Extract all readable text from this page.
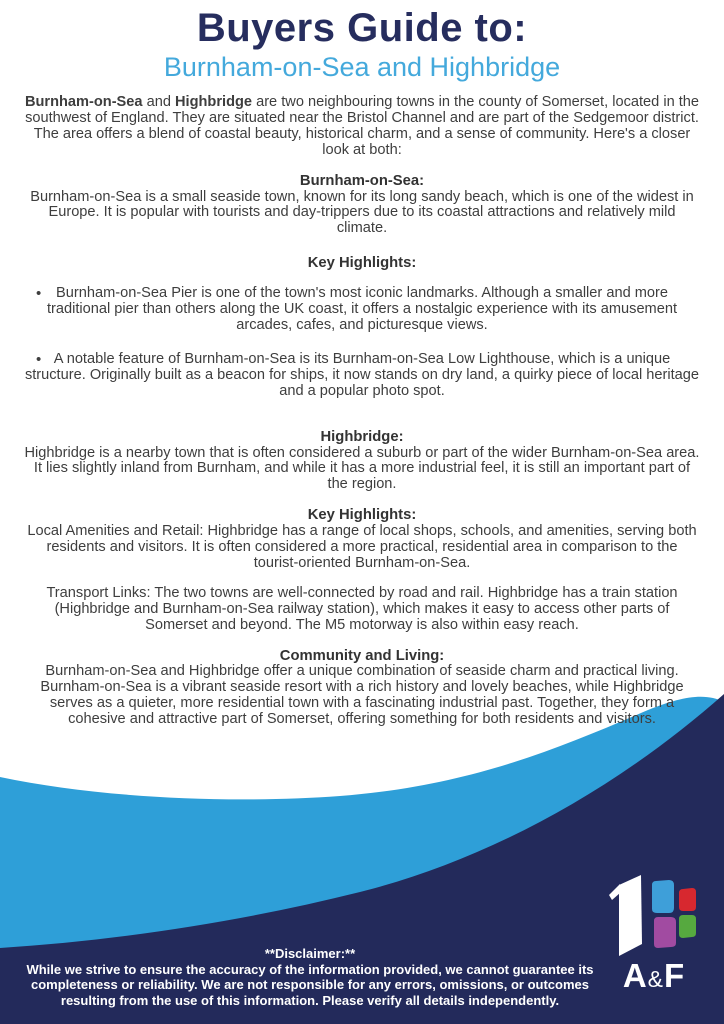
Buyers Guide to:
Burnham-on-Sea and Highbridge

Burnham-on-Sea and Highbridge are two neighbouring towns in the county of Somerset, located in the southwest of England. They are situated near the Bristol Channel and are part of the Sedgemoor district. The area offers a blend of coastal beauty, historical charm, and a sense of community. Here's a closer look at both:

Burnham-on-Sea:

Burnham-on-Sea is a small seaside town, known for its long sandy beach, which is one of the widest in Europe. It is popular with tourists and day-trippers due to its coastal attractions and relatively mild climate.

Key Highlights:
•	Burnham-on-Sea Pier is one of the town's most iconic landmarks. Although a smaller and more traditional pier than others along the UK coast, it offers a nostalgic experience with its amusement arcades, cafes, and picturesque views.

• A notable feature of Burnham-on-Sea is its Burnham-on-Sea Low Lighthouse, which is a unique structure. Originally built as a beacon for ships, it now stands on dry land, a quirky piece of local heritage and a popular photo spot.

Highbridge:

Highbridge is a nearby town that is often considered a suburb or part of the wider Burnham-on-Sea area. It lies slightly inland from Burnham, and while it has a more industrial feel, it is still an important part of the region.

Key Highlights:

Local Amenities and Retail: Highbridge has a range of local shops, schools, and amenities, serving both residents and visitors. It is often considered a more practical, residential area in comparison to the tourist-oriented Burnham-on-Sea.

Transport Links: The two towns are well-connected by road and rail. Highbridge has a train station (Highbridge and Burnham-on-Sea railway station), which makes it easy to access other parts of Somerset and beyond. The M5 motorway is also within easy reach.

Community and Living:

Burnham-on-Sea and Highbridge offer a unique combination of seaside charm and practical living. Burnham-on-Sea is a vibrant seaside resort with a rich history and lovely beaches, while Highbridge serves as a quieter, more residential town with a fascinating industrial past. Together, they form a cohesive and attractive part of Somerset, offering something for both residents and visitors.

**Disclaimer:**
While we strive to ensure the accuracy of the information provided, we cannot guarantee its
completeness or reliability. We are not responsible for any errors, omissions, or outcomes
resulting from the use of this information. Please verify all details independently.
A&F
